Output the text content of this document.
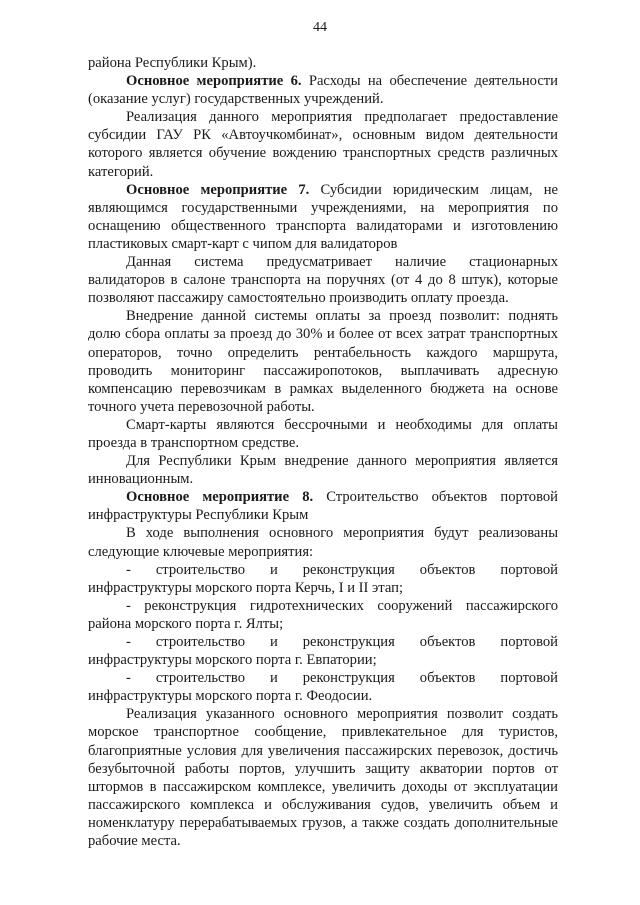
44

района Республики Крым).

Основное мероприятие 6. Расходы на обеспечение деятельности (оказание услуг) государственных учреждений.

Реализация данного мероприятия предполагает предоставление субсидии ГАУ РК «Автоучкомбинат», основным видом деятельности которого является обучение вождению транспортных средств различных категорий.

Основное мероприятие 7. Субсидии юридическим лицам, не являющимся государственными учреждениями, на мероприятия по оснащению общественного транспорта валидаторами и изготовлению пластиковых смарт-карт с чипом для валидаторов

Данная система предусматривает наличие стационарных валидаторов в салоне транспорта на поручнях (от 4 до 8 штук), которые позволяют пассажиру самостоятельно производить оплату проезда.

Внедрение данной системы оплаты за проезд позволит: поднять долю сбора оплаты за проезд до 30% и более от всех затрат транспортных операторов, точно определить рентабельность каждого маршрута, проводить мониторинг пассажиропотоков, выплачивать адресную компенсацию перевозчикам в рамках выделенного бюджета на основе точного учета перевозочной работы.

Смарт-карты являются бессрочными и необходимы для оплаты проезда в транспортном средстве.

Для Республики Крым внедрение данного мероприятия является инновационным.

Основное мероприятие 8. Строительство объектов портовой инфраструктуры Республики Крым

В ходе выполнения основного мероприятия будут реализованы следующие ключевые мероприятия:

- строительство и реконструкция объектов портовой инфраструктуры морского порта Керчь, I и II этап;

- реконструкция гидротехнических сооружений пассажирского района морского порта г. Ялты;

- строительство и реконструкция объектов портовой инфраструктуры морского порта г. Евпатории;

- строительство и реконструкция объектов портовой инфраструктуры морского порта г. Феодосии.

Реализация указанного основного мероприятия позволит создать морское транспортное сообщение, привлекательное для туристов, благоприятные условия для увеличения пассажирских перевозок, достичь безубыточной работы портов, улучшить защиту акватории портов от штормов в пассажирском комплексе, увеличить доходы от эксплуатации пассажирского комплекса и обслуживания судов, увеличить объем и номенклатуру перерабатываемых грузов, а также создать дополнительные рабочие места.
